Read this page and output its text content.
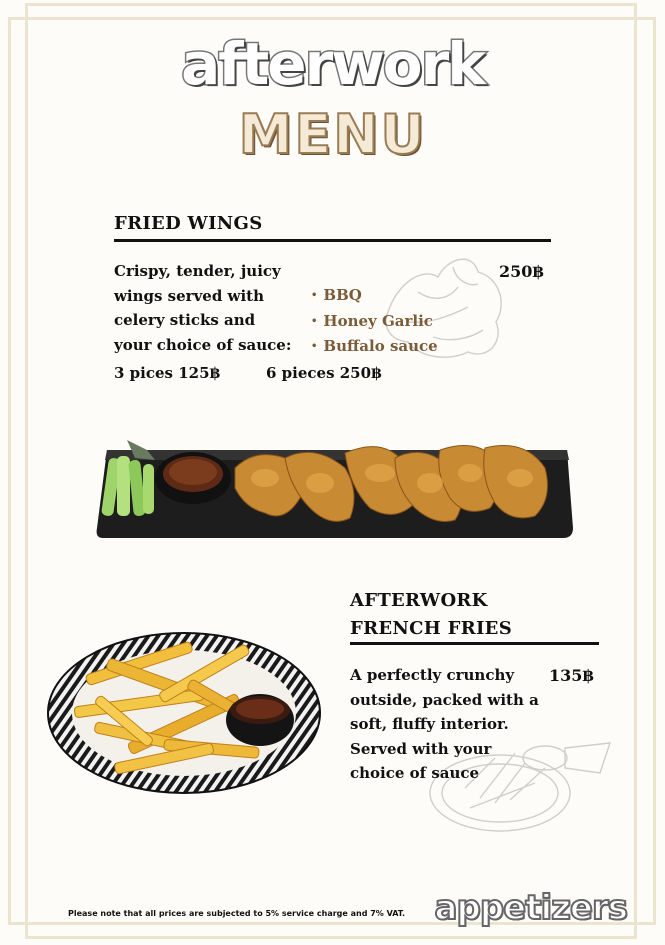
afterwork
MENU
FRIED WINGS
Crispy, tender, juicy
wings served with
celery sticks and
your choice of sauce:
250฿
• BBQ
• Honey Garlic
• Buffalo sauce
3 pices 125฿	6 pieces 250฿
AFTERWORK
FRENCH FRIES
A perfectly crunchy
outside, packed with a
soft, fluffy interior.
Served with your
choice of sauce
135฿
Please note that all prices are subjected to 5% service charge and 7% VAT. appetizers
